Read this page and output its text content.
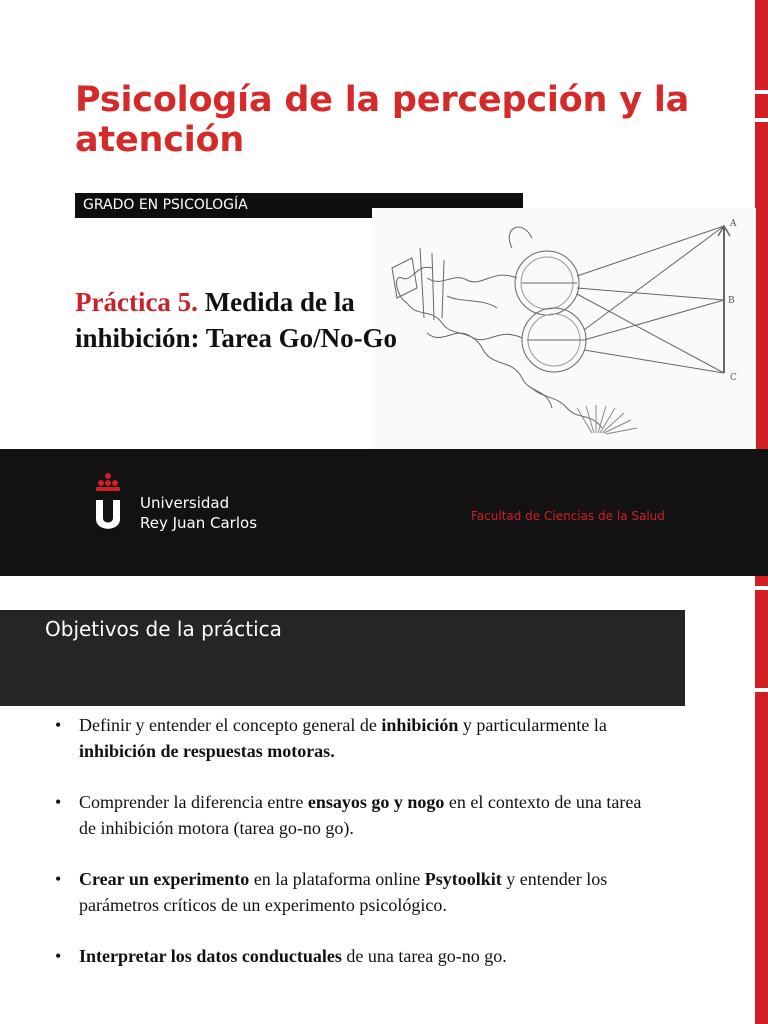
Psicología de la percepción y la atención
GRADO EN PSICOLOGÍA
A
B
C

Práctica 5. Medida de la inhibición: Tarea Go/No-Go

Universidad
Rey Juan Carlos	Facultad de Ciencias de la Salud
Objetivos de la práctica
• Definir y entender el concepto general de inhibición y particularmente la inhibición de respuestas motoras.
• Comprender la diferencia entre ensayos go y nogo en el contexto de una tarea de inhibición motora (tarea go-no go).
• Crear un experimento en la plataforma online Psytoolkit y entender los parámetros críticos de un experimento psicológico.
• Interpretar los datos conductuales de una tarea go-no go.
